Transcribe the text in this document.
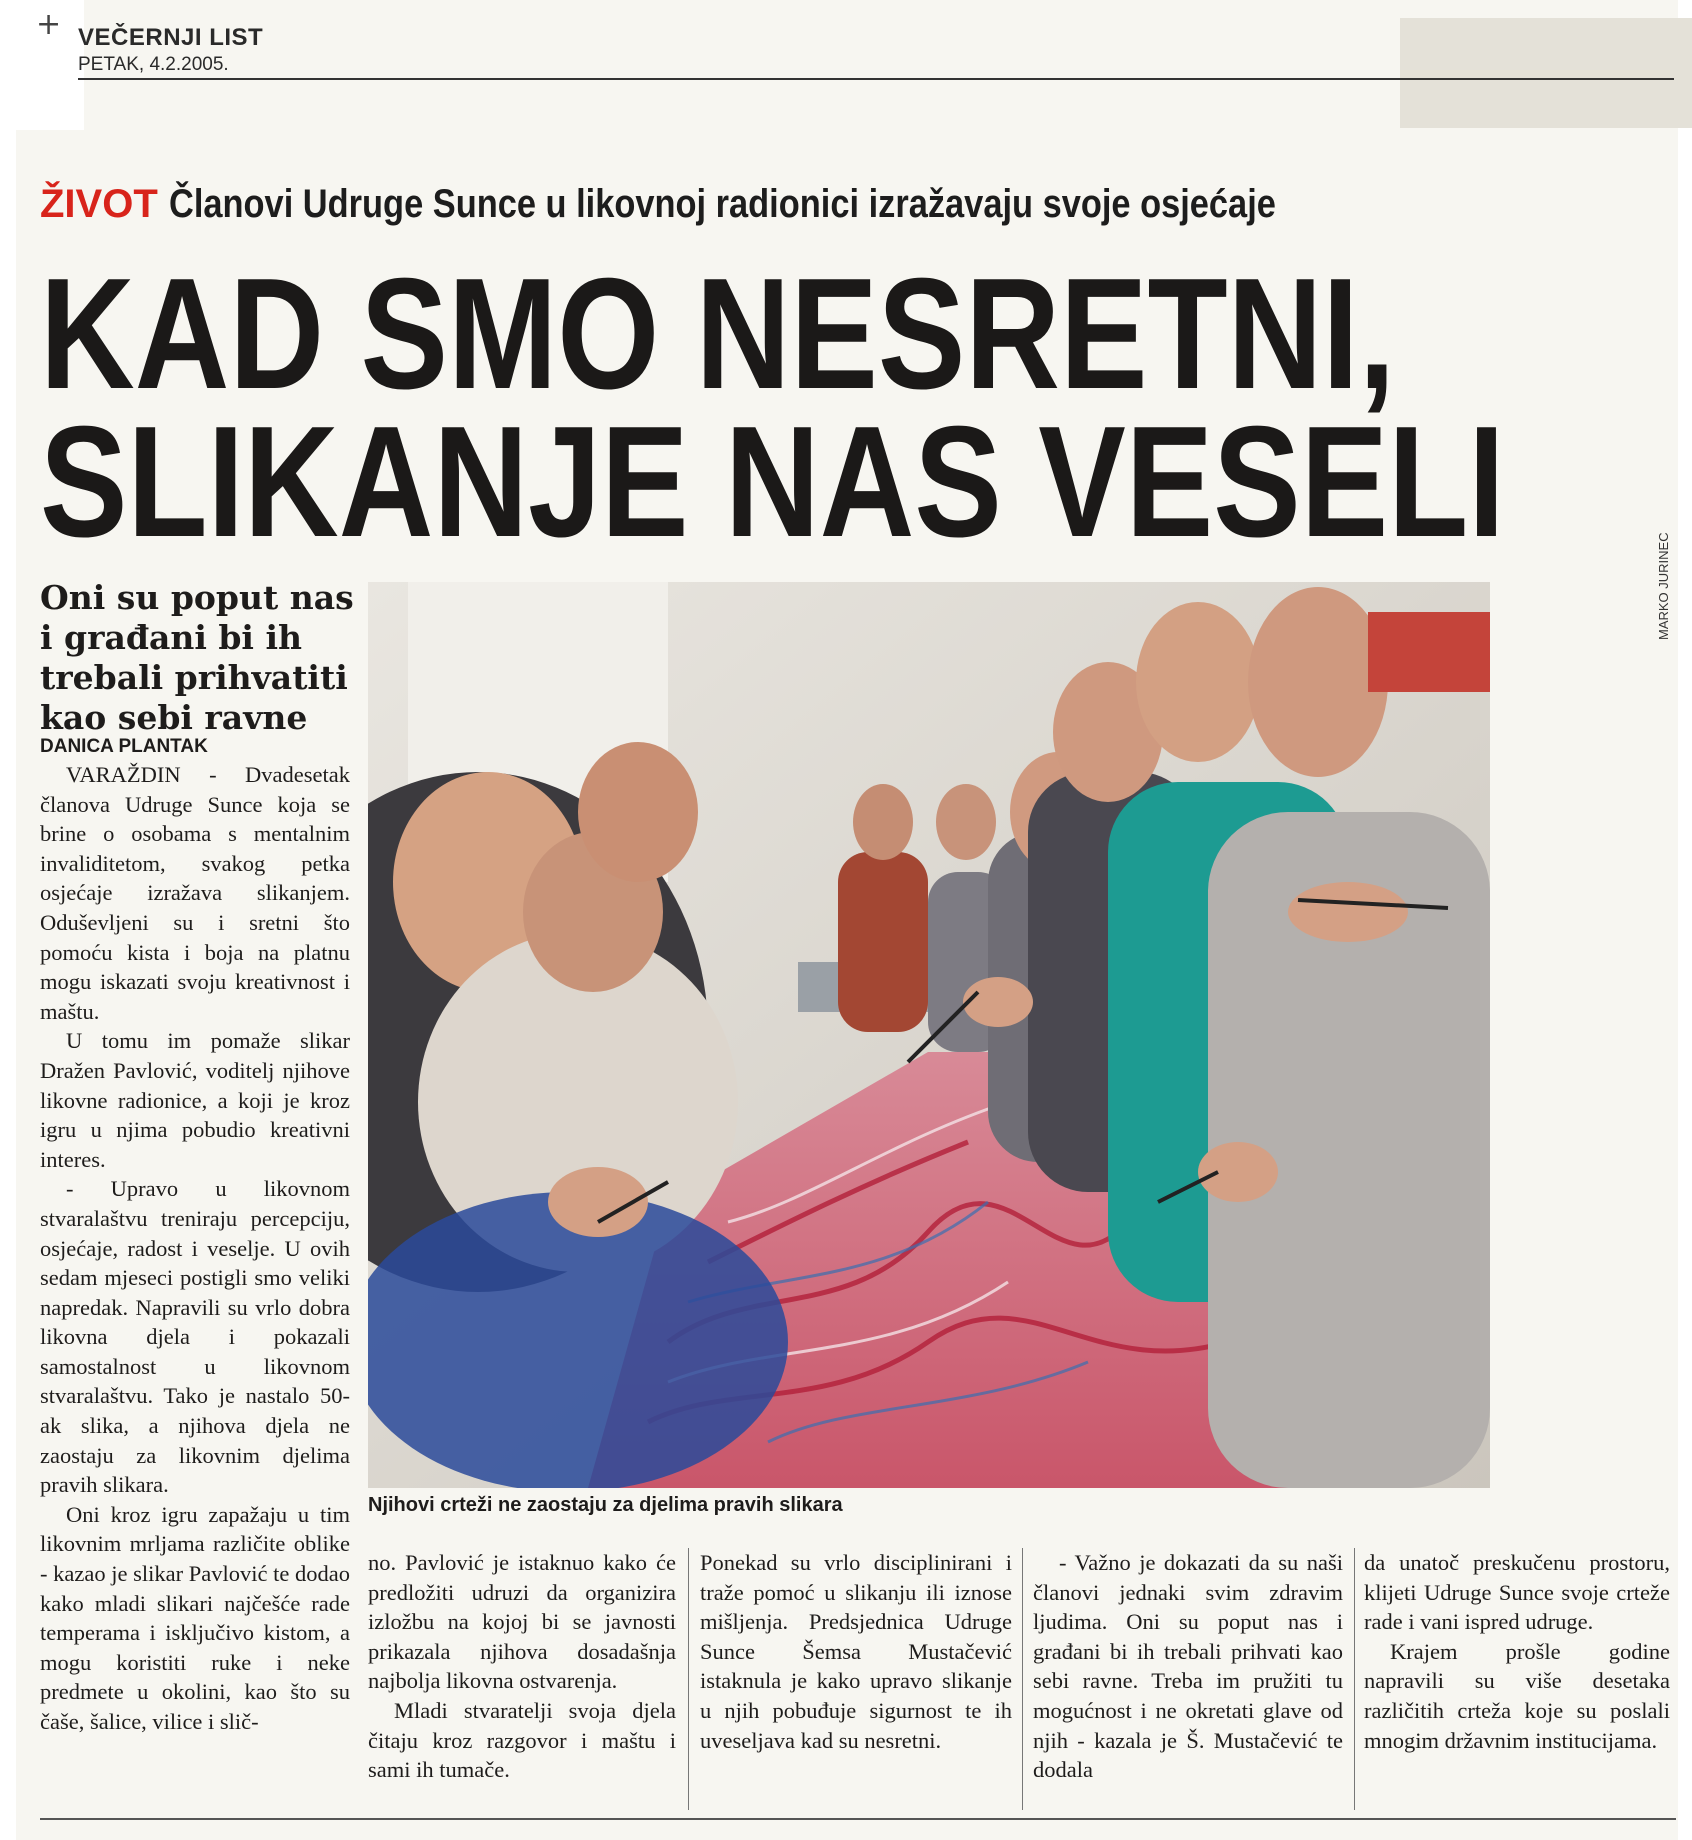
+ VEČERNJI LIST
PETAK, 4.2.2005.
ŽIVOT Članovi Udruge Sunce u likovnoj radionici izražavaju svoje osjećaje
KAD SMO NESRETNI,
SLIKANJE NAS VESELI
Oni su poput nas i građani bi ih trebali prihvatiti kao sebi ravne
DANICA PLANTAK

VARAŽDIN - Dvadesetak članova Udruge Sunce koja se brine o osobama s mentalnim invaliditetom, svakog petka osjećaje izražava slikanjem. Oduševljeni su i sretni što pomoću kista i boja na platnu mogu iskazati svoju kreativnost i maštu.

U tomu im pomaže slikar Dražen Pavlović, voditelj njihove likovne radionice, a koji je kroz igru u njima pobudio kreativni interes.

- Upravo u likovnom stvaralaštvu treniraju percepciju, osjećaje, radost i veselje. U ovih sedam mjeseci postigli smo veliki napredak. Napravili su vrlo dobra likovna djela i pokazali samostalnost u likovnom stvaralaštvu. Tako je nastalo 50-ak slika, a njihova djela ne zaostaju za likovnim djelima pravih slikara.

Oni kroz igru zapažaju u tim likovnim mrljama različite oblike - kazao je slikar Pavlović te dodao kako mladi slikari najčešće rade temperama i isključivo kistom, a mogu koristiti ruke i neke predmete u okolini, kao što su čaše, šalice, vilice i slič-

MARKO JURINEC
Njihovi crteži ne zaostaju za djelima pravih slikara

no. Pavlović je istaknuo kako će predložiti udruzi da organizira izložbu na kojoj bi se javnosti prikazala njihova dosadašnja najbolja likovna ostvarenja.

Mladi stvaratelji svoja djela čitaju kroz razgovor i maštu i sami ih tumače.

Ponekad su vrlo disciplinirani i traže pomoć u slikanju ili iznose mišljenja. Predsjednica Udruge Sunce Šemsa Mustačević istaknula je kako upravo slikanje u njih pobuđuje sigurnost te ih uveseljava kad su nesretni.

- Važno je dokazati da su naši članovi jednaki svim zdravim ljudima. Oni su poput nas i građani bi ih trebali prihvati kao sebi ravne. Treba im pružiti tu mogućnost i ne okretati glave od njih - kazala je Š. Mustačević te dodala

da unatoč preskučenu prostoru, klijeti Udruge Sunce svoje crteže rade i vani ispred udruge.

Krajem prošle godine napravili su više desetaka različitih crteža koje su poslali mnogim državnim institucijama.
